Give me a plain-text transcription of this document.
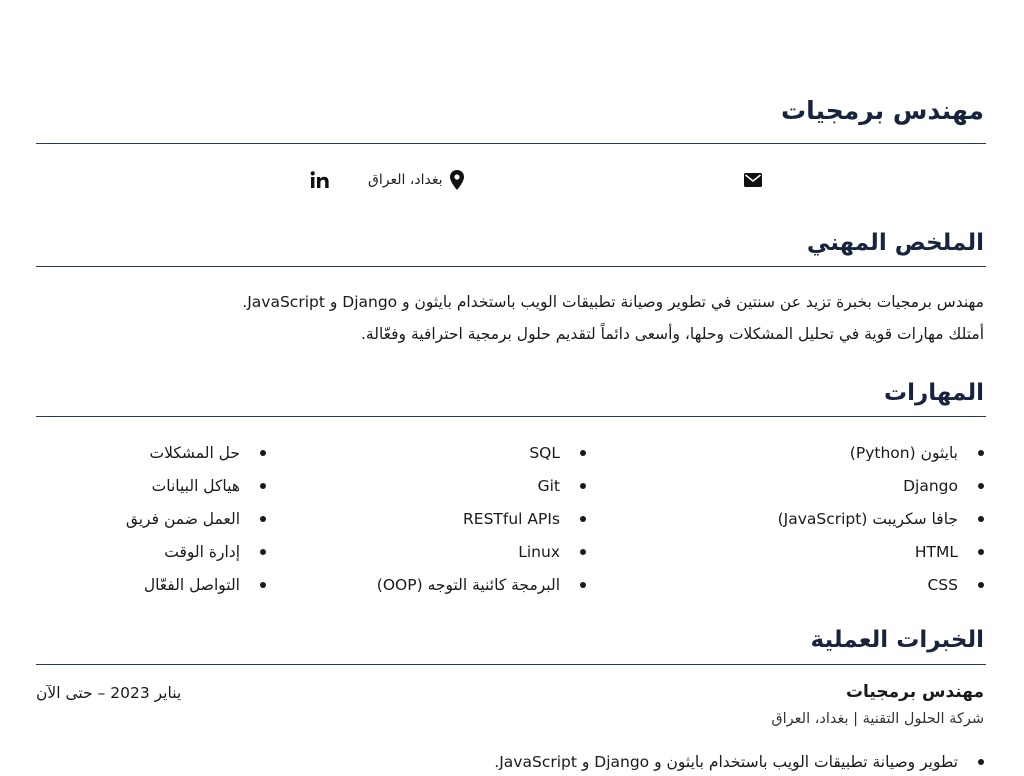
مهندس برمجيات
بغداد، العراق
الملخص المهني

مهندس برمجيات بخبرة تزيد عن سنتين في تطوير وصيانة تطبيقات الويب باستخدام بايثون و Django و JavaScript.

أمتلك مهارات قوية في تحليل المشكلات وحلها، وأسعى دائماً لتقديم حلول برمجية احترافية وفعّالة.

المهارات
بايثون (Python)
Django
جافا سكريبت (JavaScript)
HTML
CSS
SQL
Git
RESTful APIs
Linux
البرمجة كائنية التوجه (OOP)
حل المشكلات
هياكل البيانات
العمل ضمن فريق
إدارة الوقت
التواصل الفعّال
الخبرات العملية
مهندس برمجيات
يناير 2023 – حتى الآن
شركة الحلول التقنية | بغداد، العراق
تطوير وصيانة تطبيقات الويب باستخدام بايثون و Django و JavaScript.
